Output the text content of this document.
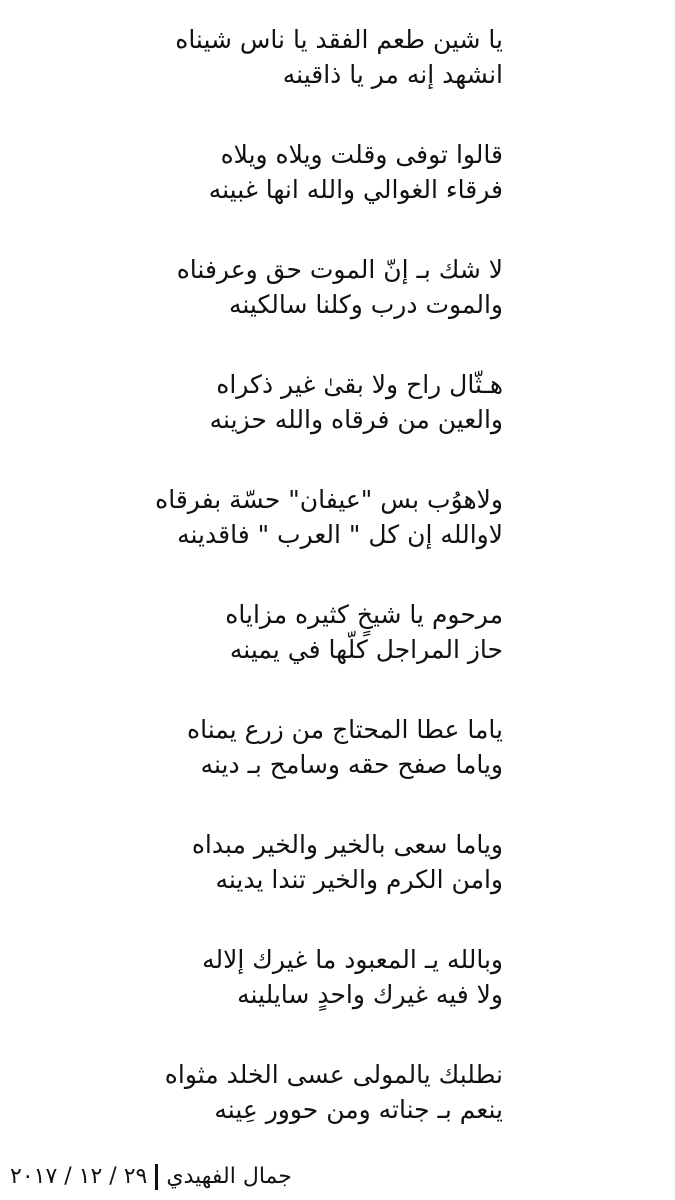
يا شين طعم الفقد يا ناس شيناه
انشهد إنه مر يا ذاقينه
قالوا توفى وقلت ويلاه ويلاه
فرقاء الغوالي والله انها غبينه
لا شك بـ إنّ الموت حق وعرفناه
والموت درب وكلنا سالكينه
هـثّال راح ولا بقىٰ غير ذكراه
والعين من فرقاه والله حزينه
ولاهوُب بس "عيفان" حسّة بفرقاه
لاوالله إن كل " العرب " فاقدينه
مرحوم يا شيخٍ كثيره مزاياه
حاز المراجل كلّها في يمينه
ياما عطا المحتاج من زرع يمناه
وياما صفح حقه وسامح بـ دينه
وياما سعى بالخير والخير مبداه
وامن الكرم والخير تندا يدينه
وبالله يـ المعبود ما غيرك إلاله
ولا فيه غيرك واحدٍ سايلينه
نطلبك يالمولى عسى الخلد مثواه
ينعم بـ جناته ومن حوور عِينه
جمال الفهيدي٢٩ / ١٢ / ٢٠١٧
